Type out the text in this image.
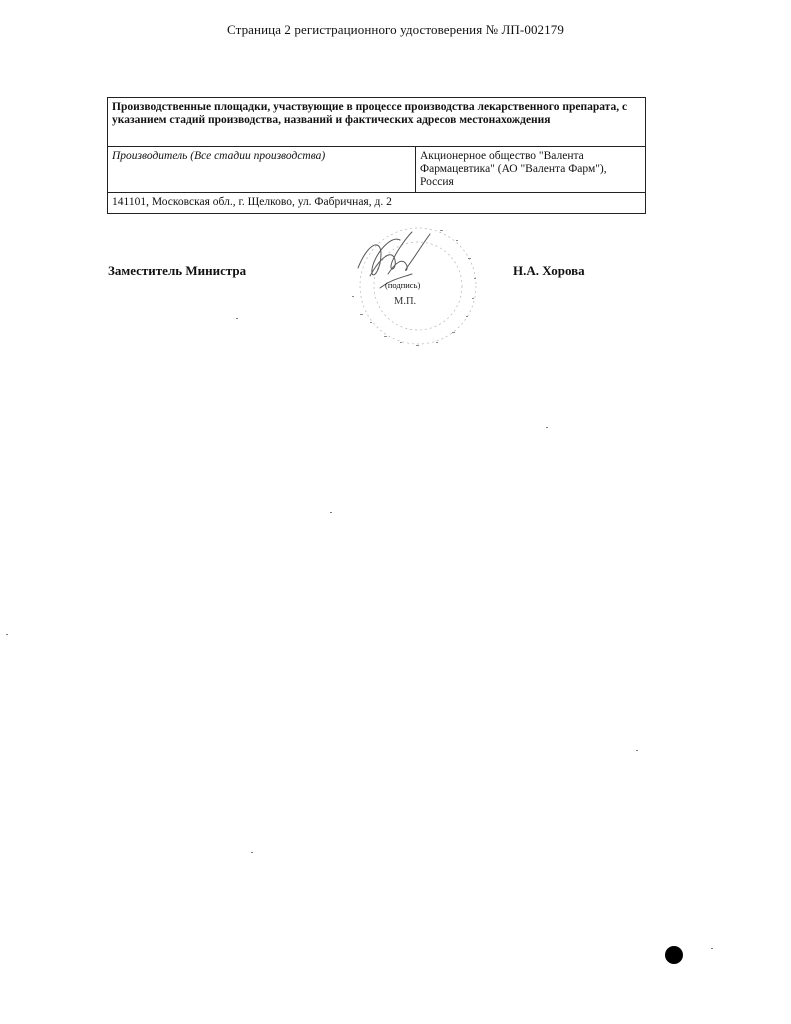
Страница 2 регистрационного удостоверения № ЛП-002179
Производственные площадки, участвующие в процессе производства лекарственного препарата, с указанием стадий производства, названий и фактических адресов местонахождения
Производитель (Все стадии производства)	Акционерное общество "Валента Фармацевтика" (АО "Валента Фарм"), Россия
141101, Московская обл., г. Щелково, ул. Фабричная, д. 2
Заместитель Министра
(подпись)
М.П.
Н.А. Хорова
